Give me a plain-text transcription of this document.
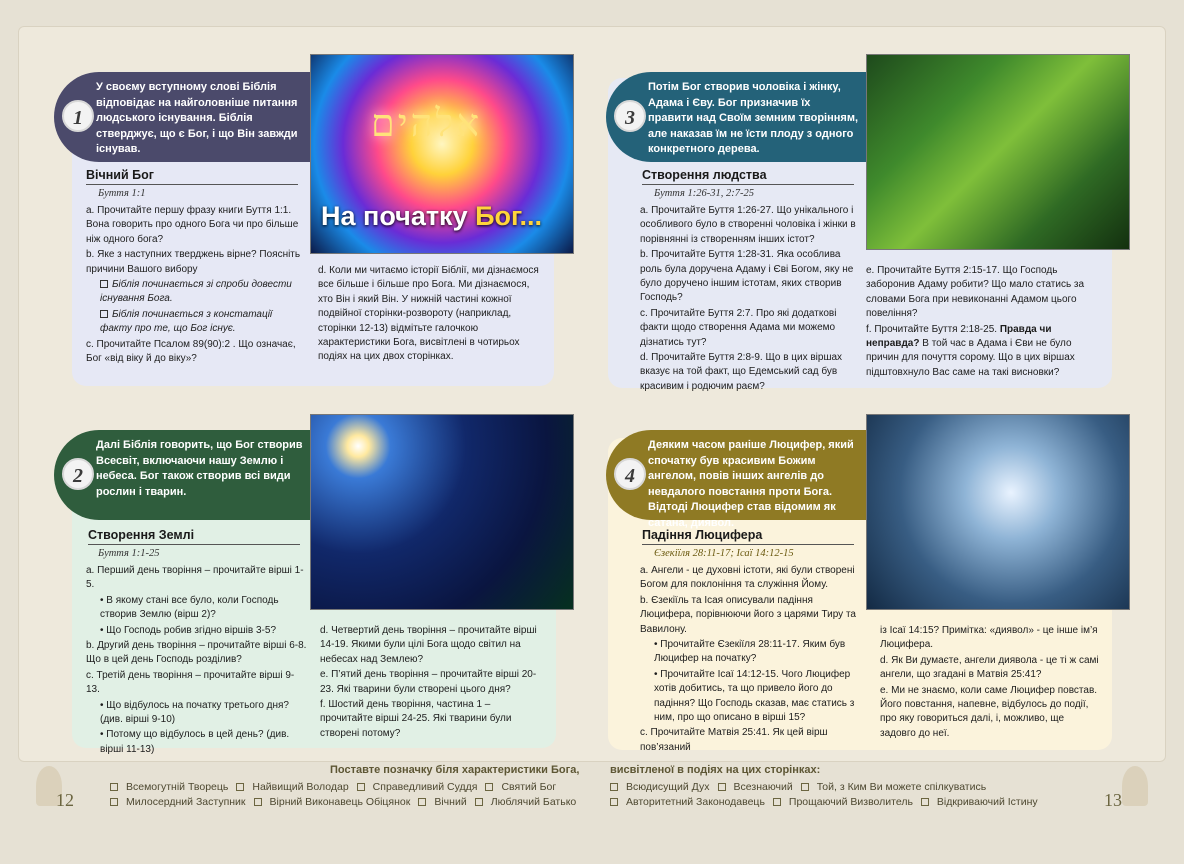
1
У своєму вступному слові Біблія відповідає на найголовніше питання людського існування. Біблія стверджує, що є Бог, і що Він завжди існував.
אלהים
На початку Бог...
Вічний Бог
Буття 1:1

a. Прочитайте першу фразу книги Буття 1:1. Вона говорить про одного Бога чи про більше ніж одного бога?

b. Яке з наступних тверджень вірне? Поясніть причини Вашого вибору

Біблія починається зі спроби довести існування Бога.

Біблія починається з констатації факту про те, що Бог існує.

c. Прочитайте Псалом 89(90):2 . Що означає, Бог «від віку й до віку»?

d. Коли ми читаємо історії Біблії, ми дізнаємося все більше і більше про Бога. Ми дізнаємося, хто Він і який Він. У нижній частині кожної подвійної сторінки-розвороту (наприклад, сторінки 12-13) відмітьте галочкою характеристики Бога, висвітлені в чотирьох подіях на цих двох сторінках.

3
Потім Бог створив чоловіка і жінку, Адама і Єву. Бог призначив їх правити над Своїм земним творінням, але наказав їм не їсти плоду з одного конкретного дерева.
Створення людства
Буття 1:26-31, 2:7-25

a. Прочитайте Буття 1:26-27. Що унікального і особливого було в створенні чоловіка і жінки в порівнянні із створенням інших істот?

b. Прочитайте Буття 1:28-31. Яка особлива роль була доручена Адаму і Єві Богом, яку не було доручено іншим істотам, яких створив Господь?

c. Прочитайте Буття 2:7. Про які додаткові факти щодо створення Адама ми можемо дізнатись тут?

d. Прочитайте Буття 2:8-9. Що в цих віршах вказує на той факт, що Едемський сад був красивим і родючим раєм?

e. Прочитайте Буття 2:15-17. Що Господь заборонив Адаму робити? Що мало статись за словами Бога при невиконанні Адамом цього повеління?

f. Прочитайте Буття 2:18-25. Правда чи неправда? В той час в Адама і Єви не було причин для почуття сорому. Що в цих віршах підштовхнуло Вас саме на такі висновки?

2
Далі Біблія говорить, що Бог створив Всесвіт, включаючи нашу Землю і небеса. Бог також створив всі види рослин і тварин.
Створення Землі
Буття 1:1-25

a. Перший день творіння – прочитайте вірші 1-5.

• В якому стані все було, коли Господь створив Землю (вірш 2)?

• Що Господь робив згідно віршів 3-5?

b. Другий день творіння – прочитайте вірші 6-8. Що в цей день Господь розділив?

c. Третій день творіння – прочитайте вірші 9-13.

• Що відбулось на початку третього дня? (див. вірші 9-10)

• Потому що відбулось в цей день? (див. вірші 11-13)

d. Четвертий день творіння – прочитайте вірші 14-19. Якими були цілі Бога щодо світил на небесах над Землею?

e. П’ятий день творіння – прочитайте вірші 20-23. Які тварини були створені цього дня?

f. Шостий день творіння, частина 1 – прочитайте вірші 24-25. Які тварини були створені потому?

4
Деяким часом раніше Люцифер, який спочатку був красивим Божим ангелом, повів інших ангелів до невдалого повстання проти Бога. Відтоді Люцифер став відомим як сатана, диявол.
Падіння Люцифера
Єзекіїля 28:11-17; Ісаї 14:12-15

a. Ангели - це духовні істоти, які були створені Богом для поклоніння та служіння Йому.

b. Єзекіїль та Ісая описували падіння Люцифера, порівнюючи його з царями Тиру та Вавилону.

• Прочитайте Єзекіїля 28:11-17. Яким був Люцифер на початку?

• Прочитайте Ісаї 14:12-15. Чого Люцифер хотів добитись, та що привело його до падіння? Що Господь сказав, має статись з ним, про що описано в вірші 15?

c. Прочитайте Матвія 25:41. Як цей вірш пов’язаний

із Ісаї 14:15? Примітка: «диявол» - це інше ім’я Люцифера.

d. Як Ви думаєте, ангели диявола - це ті ж самі ангели, що згадані в Матвія 25:41?

e. Ми не знаємо, коли саме Люцифер повстав. Його повстання, напевне, відбулось до події, про яку говориться далі, і, можливо, ще задовго до неї.

12	13
Поставте позначку біля характеристики Бога,	висвітленої в подіях на цих сторінках:
Всемогутній Творець Найвищий Володар Справедливий Суддя Святий Бог
Милосердний Заступник Вірний Виконавець Обіцянок Вічний Люблячий Батько
Всюдисущий Дух Всезнаючий Той, з Ким Ви можете спілкуватись
Авторитетний Законодавець Прощаючий Визволитель Відкриваючий Істину
